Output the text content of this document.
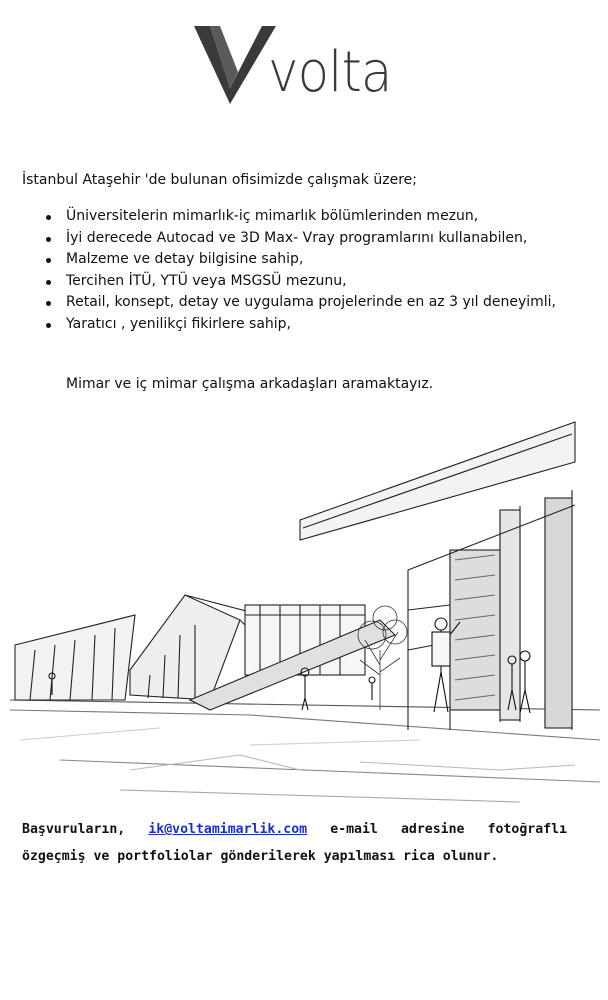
volta
İstanbul Ataşehir 'de bulunan ofisimizde çalışmak üzere;
Üniversitelerin mimarlık-iç mimarlık bölümlerinden mezun,
İyi derecede Autocad ve 3D Max- Vray programlarını kullanabilen,
Malzeme ve detay bilgisine sahip,
Tercihen İTÜ, YTÜ veya MSGSÜ mezunu,
Retail, konsept, detay ve uygulama projelerinde en az 3 yıl deneyimli,
Yaratıcı , yenilikçi fikirlere sahip,
Mimar ve iç mimar çalışma arkadaşları aramaktayız.
Başvuruların, ik@voltamimarlik.com e-mail adresine fotoğraflı özgeçmiş ve portfoliolar gönderilerek yapılması rica olunur.
